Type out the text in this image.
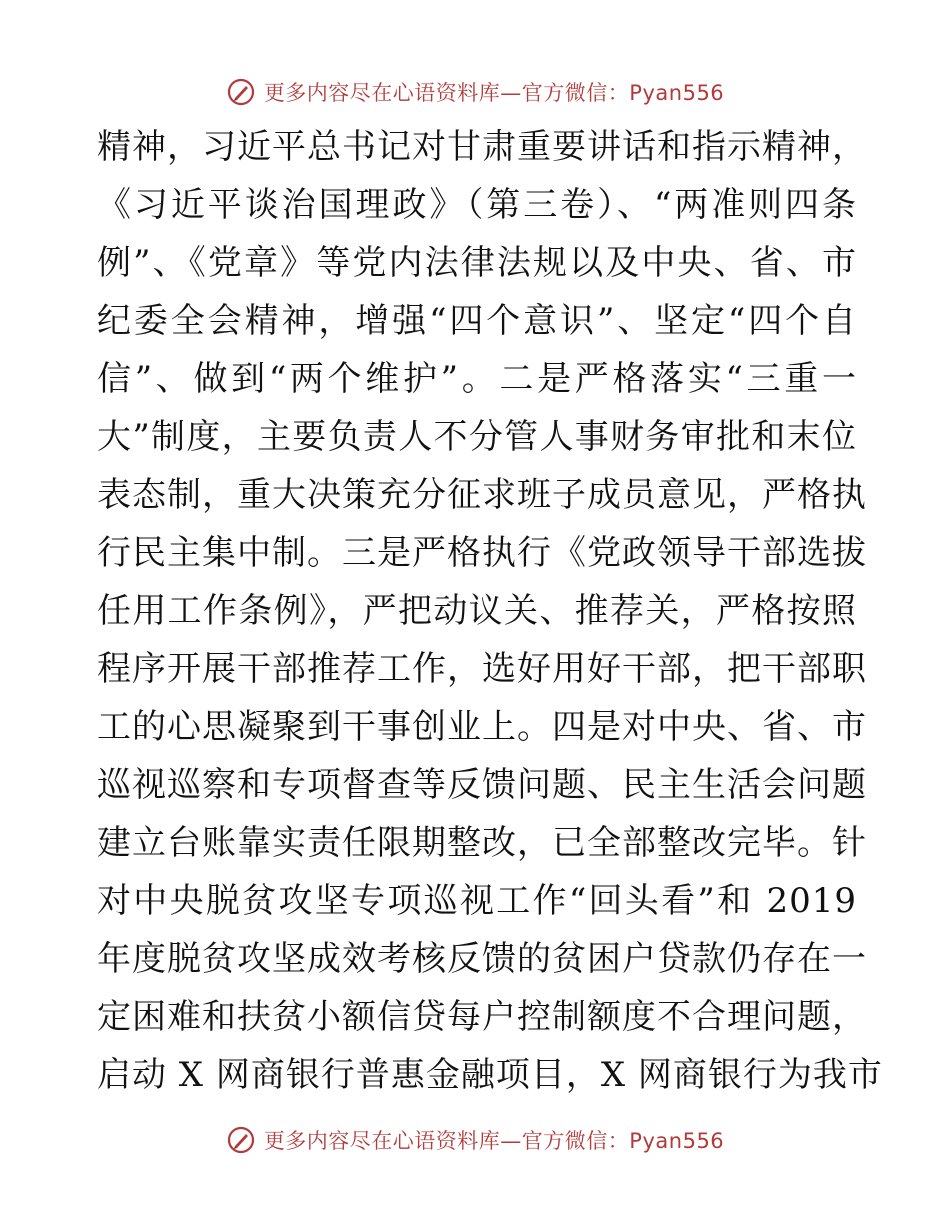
更多内容尽在心语资料库—官方微信：Pyan556
精神，习近平总书记对甘肃重要讲话和指示精神，
《习近平谈治国理政》（第三卷）、“两准则四条
例”、《党章》等党内法律法规以及中央、省、市
纪委全会精神，增强“四个意识”、坚定“四个自
信”、做到“两个维护”。二是严格落实“三重一
大”制度，主要负责人不分管人事财务审批和末位
表态制，重大决策充分征求班子成员意见，严格执
行民主集中制。三是严格执行《党政领导干部选拔
任用工作条例》，严把动议关、推荐关，严格按照
程序开展干部推荐工作，选好用好干部，把干部职
工的心思凝聚到干事创业上。四是对中央、省、市
巡视巡察和专项督查等反馈问题、民主生活会问题
建立台账靠实责任限期整改，已全部整改完毕。针
对中央脱贫攻坚专项巡视工作“回头看”和 2019
年度脱贫攻坚成效考核反馈的贫困户贷款仍存在一
定困难和扶贫小额信贷每户控制额度不合理问题，
启动 X 网商银行普惠金融项目，X 网商银行为我市
更多内容尽在心语资料库—官方微信：Pyan556
